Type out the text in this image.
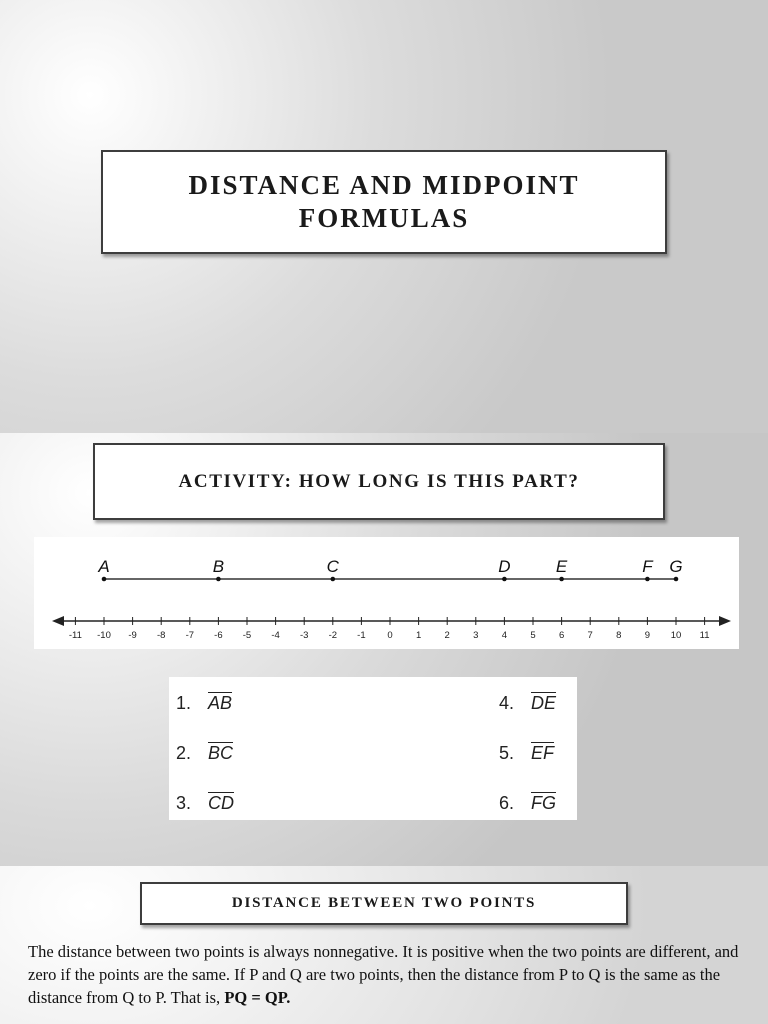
DISTANCE AND MIDPOINT FORMULAS
ACTIVITY: HOW LONG IS THIS PART?
-11 -10 -9 -8 -7 -6 -5 -4 -3 -2 -1 0 1 2 3 4 5 6 7 8 9 10 11
A	B	C	D	E	F G
1. $\overline{AB}$
2. $\overline{BC}$
3. $\overline{CD}$
4. $\overline{DE}$
5. $\overline{EF}$
6. $\overline{FG}$
DISTANCE BETWEEN TWO POINTS

The distance between two points is always nonnegative. It is positive when the two points are different, and zero if the points are the same. If P and Q are two points, then the distance from P to Q is the same as the distance from Q to P. That is, PQ = QP.
